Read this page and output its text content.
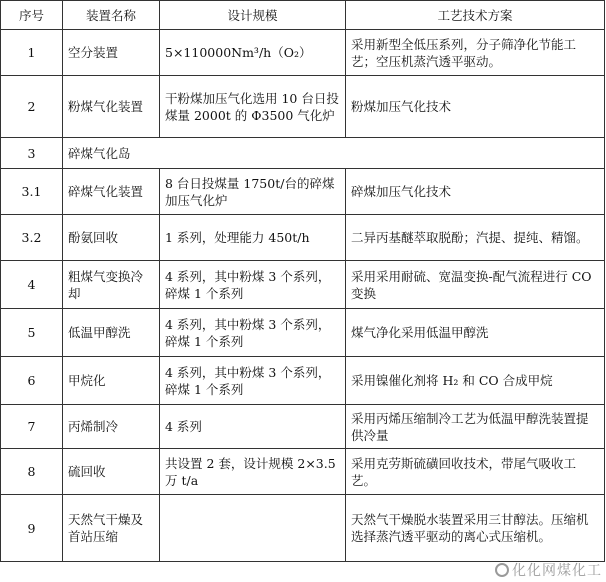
序号	装置名称	设计规模	工艺技术方案
1	空分装置	5×110000Nm³/h（O₂）	采用新型全低压系列，分子筛净化节能工艺；空压机蒸汽透平驱动。
2	粉煤气化装置	干粉煤加压气化选用 10 台日投煤量 2000t 的 Φ3500 气化炉	粉煤加压气化技术
3	碎煤气化岛		
3.1	碎煤气化装置	8 台日投煤量 1750t/台的碎煤加压气化炉	碎煤加压气化技术
3.2	酚氨回收	1 系列，处理能力 450t/h	二异丙基醚萃取脱酚；汽提、提纯、精馏。
4	粗煤气变换冷却	4 系列，其中粉煤 3 个系列，碎煤 1 个系列	采用采用耐硫、宽温变换-配气流程进行 CO 变换
5	低温甲醇洗	4 系列，其中粉煤 3 个系列，碎煤 1 个系列	煤气净化采用低温甲醇洗
6	甲烷化	4 系列，其中粉煤 3 个系列，碎煤 1 个系列	采用镍催化剂将 H₂ 和 CO 合成甲烷
7	丙烯制冷	4 系列	采用丙烯压缩制冷工艺为低温甲醇洗装置提供冷量
8	硫回收	共设置 2 套，设计规模 2×3.5 万 t/a	采用克劳斯硫磺回收技术，带尾气吸收工艺。
9	天然气干燥及首站压缩		天然气干燥脱水装置采用三甘醇法。压缩机选择蒸汽透平驱动的离心式压缩机。
化化网煤化工
